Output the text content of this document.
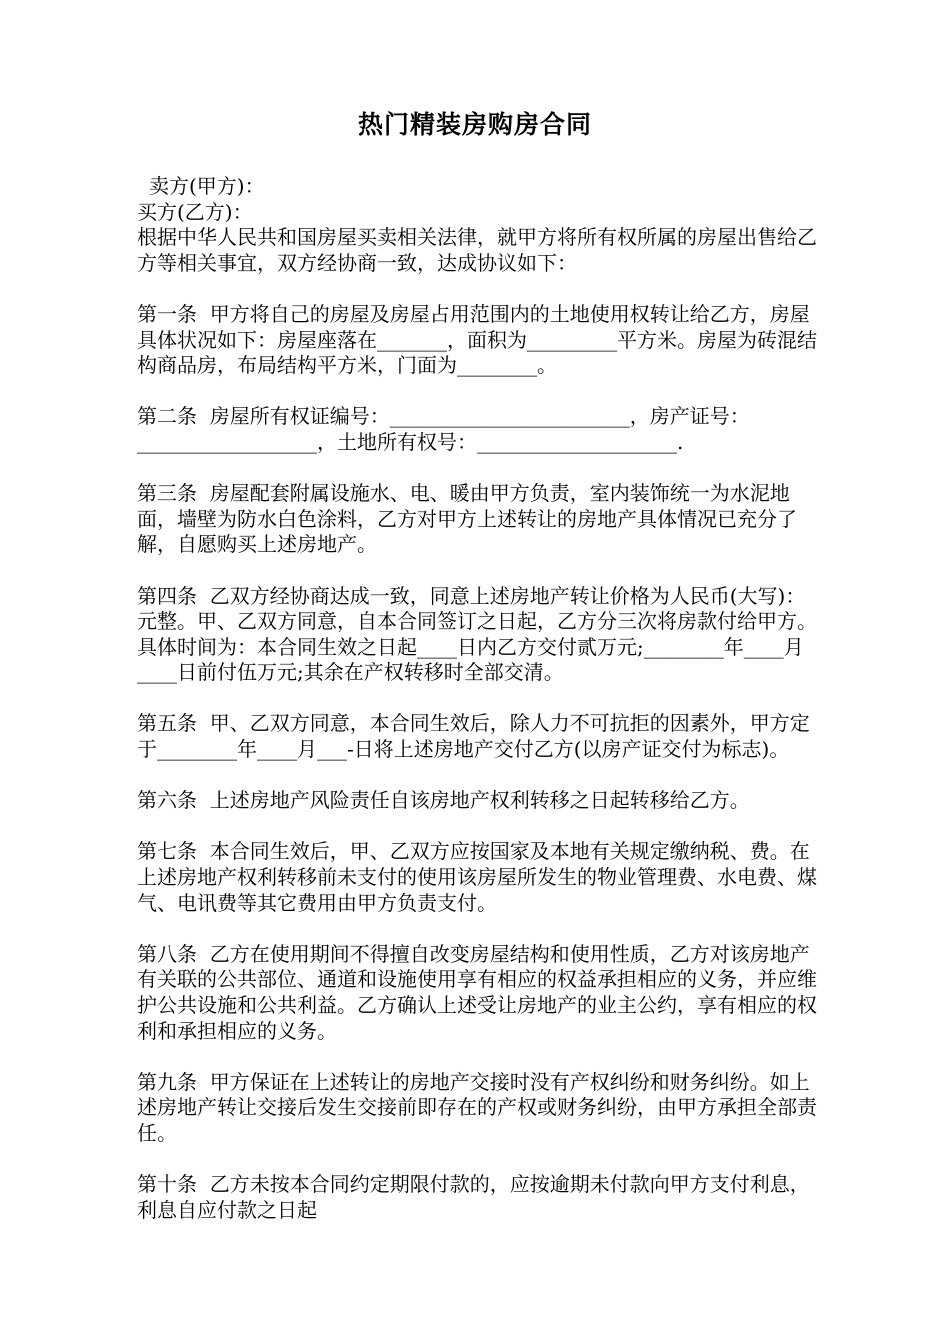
热门精装房购房合同

卖方(甲方)：

买方(乙方)：

根据中华人民共和国房屋买卖相关法律，就甲方将所有权所属的房屋出售给乙方等相关事宜，双方经协商一致，达成协议如下：

第一条  甲方将自己的房屋及房屋占用范围内的土地使用权转让给乙方，房屋具体状况如下：房屋座落在_______，面积为_________平方米。房屋为砖混结构商品房，布局结构平方米，门面为________。

第二条  房屋所有权证编号：________________________，房产证号：__________________，土地所有权号：____________________.

第三条  房屋配套附属设施水、电、暖由甲方负责，室内装饰统一为水泥地面，墙壁为防水白色涂料，乙方对甲方上述转让的房地产具体情况已充分了解，自愿购买上述房地产。

第四条  乙双方经协商达成一致，同意上述房地产转让价格为人民币(大写)：元整。甲、乙双方同意，自本合同签订之日起，乙方分三次将房款付给甲方。具体时间为：本合同生效之日起____日内乙方交付贰万元;________年____月____日前付伍万元;其余在产权转移时全部交清。

第五条  甲、乙双方同意，本合同生效后，除人力不可抗拒的因素外，甲方定于________年____月___-日将上述房地产交付乙方(以房产证交付为标志)。

第六条  上述房地产风险责任自该房地产权利转移之日起转移给乙方。

第七条  本合同生效后，甲、乙双方应按国家及本地有关规定缴纳税、费。在上述房地产权利转移前未支付的使用该房屋所发生的物业管理费、水电费、煤气、电讯费等其它费用由甲方负责支付。

第八条  乙方在使用期间不得擅自改变房屋结构和使用性质，乙方对该房地产有关联的公共部位、通道和设施使用享有相应的权益承担相应的义务，并应维护公共设施和公共利益。乙方确认上述受让房地产的业主公约，享有相应的权利和承担相应的义务。

第九条  甲方保证在上述转让的房地产交接时没有产权纠纷和财务纠纷。如上述房地产转让交接后发生交接前即存在的产权或财务纠纷，由甲方承担全部责任。

第十条  乙方未按本合同约定期限付款的，应按逾期未付款向甲方支付利息，利息自应付款之日起
